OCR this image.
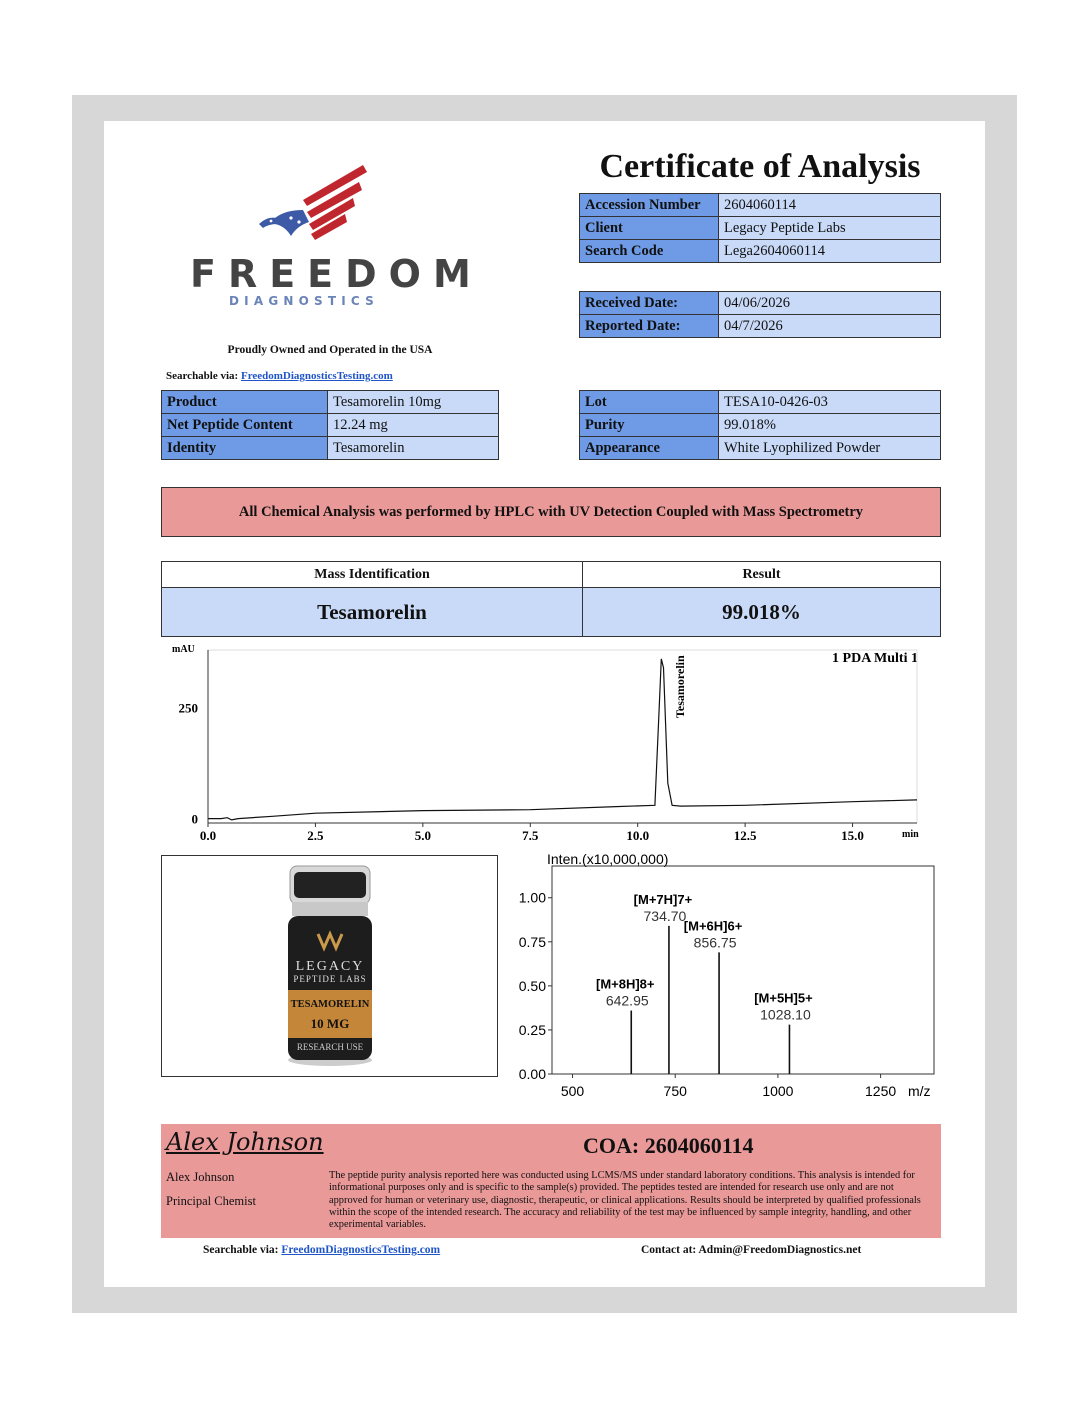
FREEDOM
DIAGNOSTICS
Proudly Owned and Operated in the USA
Searchable via: FreedomDiagnosticsTesting.com
Certificate of Analysis
Accession Number	2604060114
Client	Legacy Peptide Labs
Search Code	Lega2604060114
Received Date:	04/06/2026
Reported Date:	04/7/2026
Product	Tesamorelin 10mg
Net Peptide Content	12.24 mg
Identity	Tesamorelin
Lot	TESA10-0426-03
Purity	99.018%
Appearance	White Lyophilized Powder
All Chemical Analysis was performed by HPLC with UV Detection Coupled with Mass Spectrometry
Mass Identification	Result
Tesamorelin	99.018%
1 PDA Multi 1
mAU
min
Tesamorelin
0.0	2.5	5.0	7.5	10.0	12.5	15.0
0
250
LEGACY
PEPTIDE LABS
TESAMORELIN
10 MG
RESEARCH USE
Inten.(x10,000,000)
m/z
0.00
0.25
0.50
0.75
1.00
500	750	1000	1250
642.95
[M+8H]8+
734.70
[M+7H]7+
856.75
[M+6H]6+
1028.10
[M+5H]5+
Alex Johnson	COA: 2604060114
Alex Johnson
Principal Chemist
The peptide purity analysis reported here was conducted using LCMS/MS under standard laboratory conditions. This analysis is intended for informational purposes only and is specific to the sample(s) provided. The peptides tested are intended for research use only and are not approved for human or veterinary use, diagnostic, therapeutic, or clinical applications. Results should be interpreted by qualified professionals within the scope of the intended research. The accuracy and reliability of the test may be influenced by sample integrity, handling, and other experimental variables.
Searchable via: FreedomDiagnosticsTesting.com	Contact at: Admin@FreedomDiagnostics.net
